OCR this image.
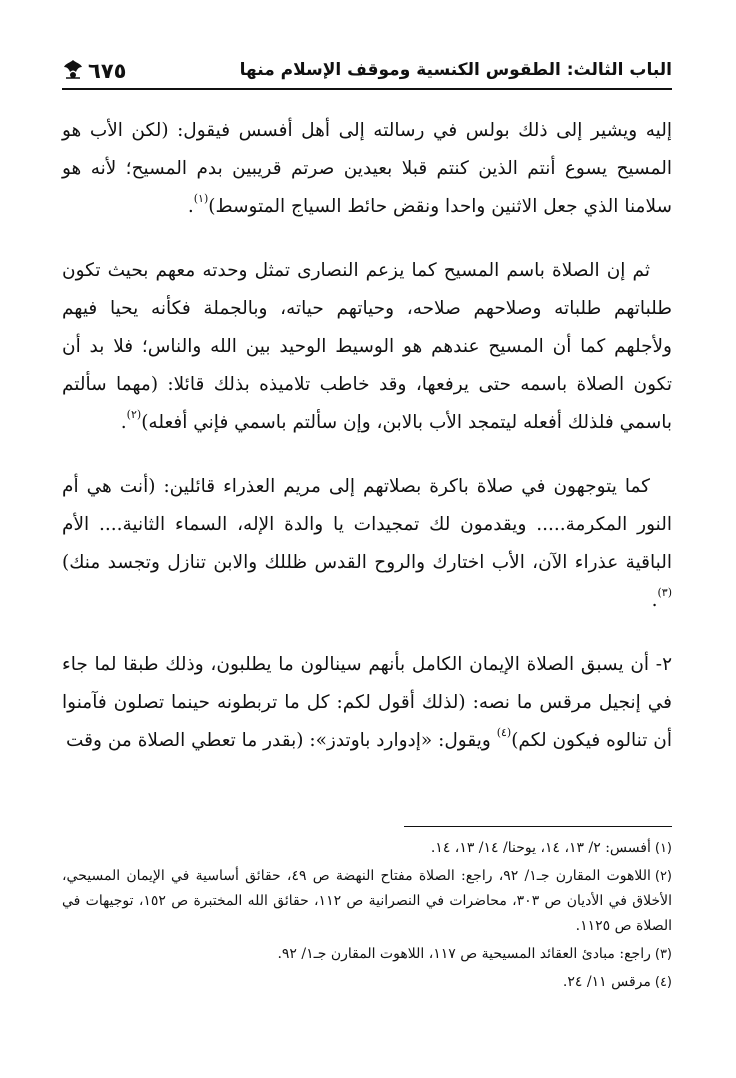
الباب الثالث: الطقوس الكنسية وموقف الإسلام منها
٦٧٥

إليه ويشير إلى ذلك بولس في رسالته إلى أهل أفسس فيقول: (لكن الأب هو المسيح يسوع أنتم الذين كنتم قبلا بعيدين صرتم قريبين بدم المسيح؛ لأنه هو سلامنا الذي جعل الاثنين واحدا ونقض حائط السياج المتوسط)$^{(١)}$.

ثم إن الصلاة باسم المسيح كما يزعم النصارى تمثل وحدته معهم بحيث تكون طلباتهم طلباته وصلاحهم صلاحه، وحياتهم حياته، وبالجملة فكأنه يحيا فيهم ولأجلهم كما أن المسيح عندهم هو الوسيط الوحيد بين الله والناس؛ فلا بد أن تكون الصلاة باسمه حتى يرفعها، وقد خاطب تلاميذه بذلك قائلا: (مهما سألتم باسمي فلذلك أفعله ليتمجد الأب بالابن، وإن سألتم باسمي فإني أفعله)$^{(٢)}$.

كما يتوجهون في صلاة باكرة بصلاتهم إلى مريم العذراء قائلين: (أنت هي أم النور المكرمة..... ويقدمون لك تمجيدات يا والدة الإله، السماء الثانية.... الأم الباقية عذراء الآن، الأب اختارك والروح القدس ظللك والابن تنازل وتجسد منك)$^{(٣)}$.

٢- أن يسبق الصلاة الإيمان الكامل بأنهم سينالون ما يطلبون، وذلك طبقا لما جاء في إنجيل مرقس ما نصه: (لذلك أقول لكم: كل ما تربطونه حينما تصلون فآمنوا أن تنالوه فيكون لكم)$^{(٤)}$ ويقول: «إدوارد باوتدز»: (بقدر ما تعطي الصلاة من وقت

(١)أفسس: ٢/ ١٣، ١٤، يوحنا/ ١٤/ ١٣، ١٤.

(٢)اللاهوت المقارن جـ١/ ٩٢، راجع: الصلاة مفتاح النهضة ص ٤٩، حقائق أساسية في الإيمان المسيحي، الأخلاق في الأديان ص ٣٠٣، محاضرات في النصرانية ص ١١٢، حقائق الله المختبرة ص ١٥٢، توجيهات في الصلاة ص ١١٢٥.

(٣)راجع: مبادئ العقائد المسيحية ص ١١٧، اللاهوت المقارن جـ١/ ٩٢.

(٤)مرقس ١١/ ٢٤.
